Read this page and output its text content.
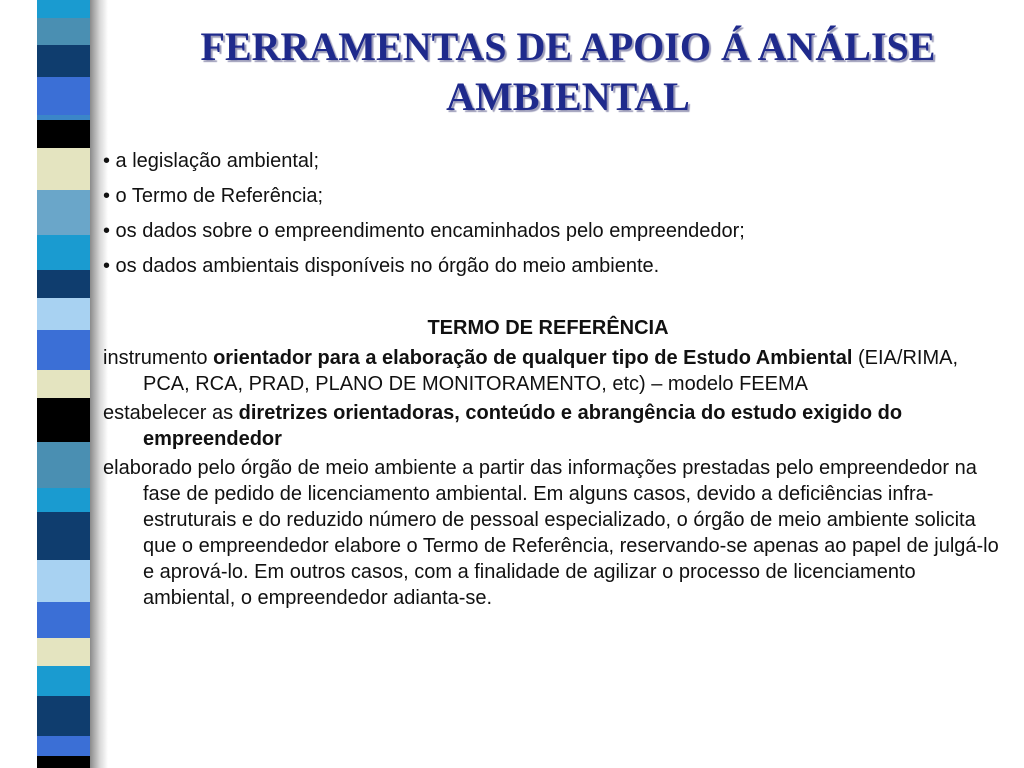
FERRAMENTAS DE APOIO Á ANÁLISE
AMBIENTAL

• a legislação ambiental;

• o Termo de Referência;

• os dados sobre o empreendimento encaminhados pelo empreendedor;

• os dados ambientais disponíveis no órgão do meio ambiente.

TERMO DE REFERÊNCIA

instrumento orientador para a elaboração de qualquer tipo de Estudo Ambiental (EIA/RIMA, PCA, RCA, PRAD, PLANO DE MONITORAMENTO, etc) – modelo FEEMA

estabelecer as diretrizes orientadoras, conteúdo e abrangência do estudo exigido do empreendedor

elaborado pelo órgão de meio ambiente a partir das informações prestadas pelo empreendedor na fase de pedido de licenciamento ambiental. Em alguns casos, devido a deficiências infra-estruturais e do reduzido número de pessoal especializado, o órgão de meio ambiente solicita que o empreendedor elabore o Termo de Referência, reservando-se apenas ao papel de julgá-lo e aprová-lo. Em outros casos, com a finalidade de agilizar o processo de licenciamento ambiental, o empreendedor adianta-se.
